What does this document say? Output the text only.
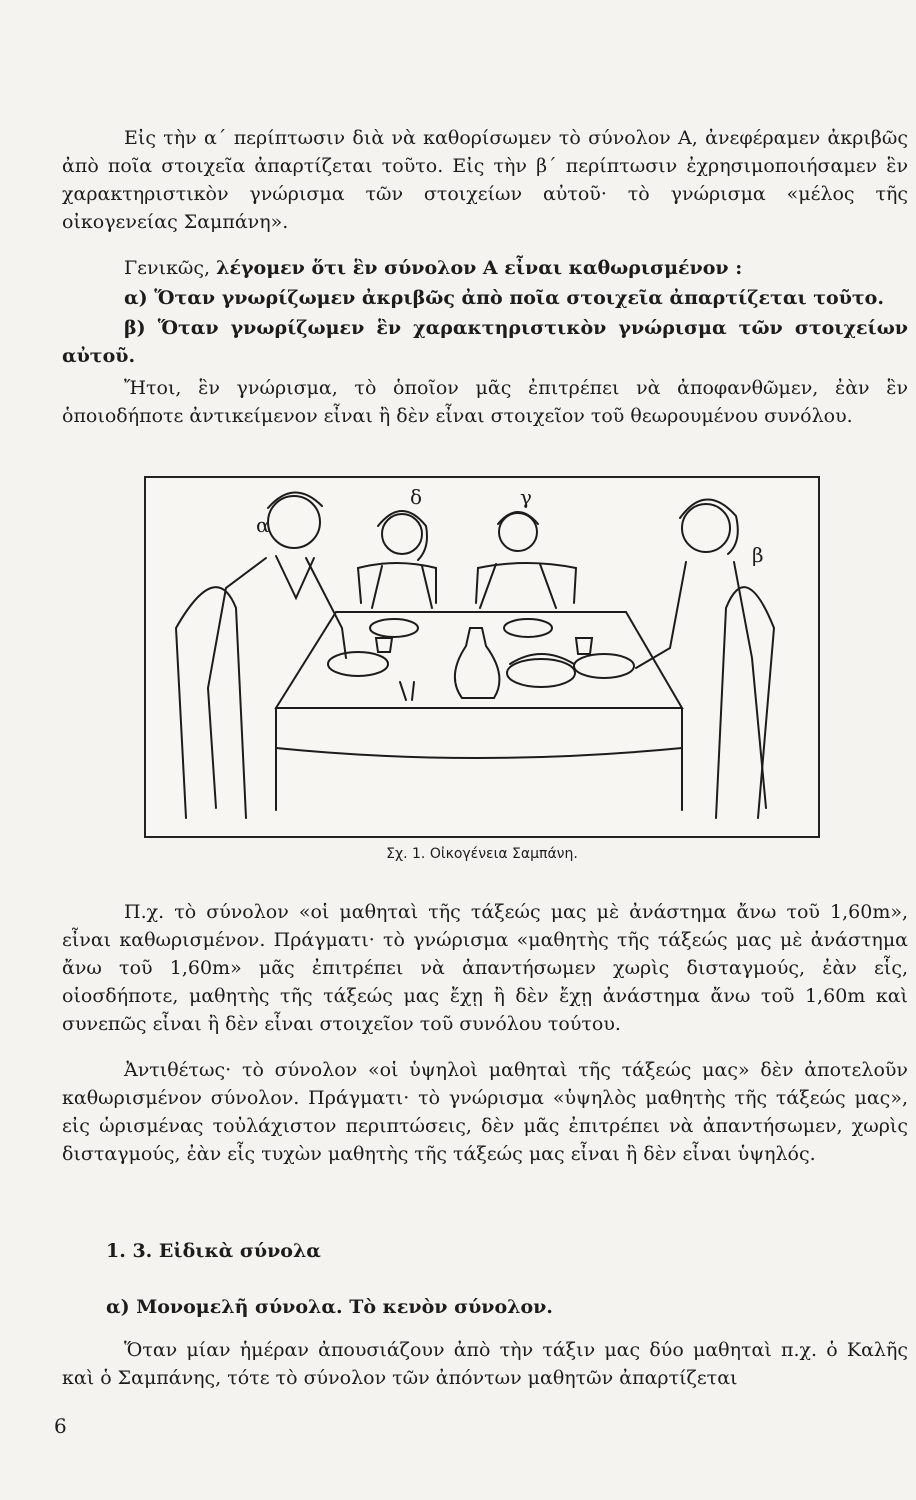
Εἰς τὴν α΄ περίπτωσιν διὰ νὰ καθορίσωμεν τὸ σύνολον Α, ἀνεφέραμεν ἀκριβῶς ἀπὸ ποῖα στοιχεῖα ἀπαρτίζεται τοῦτο. Εἰς τὴν β΄ περίπτωσιν ἐχρησιμοποιήσαμεν ἓν χαρακτηριστικὸν γνώρισμα τῶν στοιχείων αὐτοῦ· τὸ γνώρισμα «μέλος τῆς οἰκογενείας Σαμπάνη».

Γενικῶς, λέγομεν ὅτι ἓν σύνολον Α εἶναι καθωρισμένον :

α) Ὅταν γνωρίζωμεν ἀκριβῶς ἀπὸ ποῖα στοιχεῖα ἀπαρτίζεται τοῦτο.

β) Ὅταν γνωρίζωμεν ἓν χαρακτηριστικὸν γνώρισμα τῶν στοιχείων αὐτοῦ.

Ἤτοι, ἓν γνώρισμα, τὸ ὁποῖον μᾶς ἐπιτρέπει νὰ ἀποφανθῶμεν, ἐὰν ἓν ὁποιοδήποτε ἀντικείμενον εἶναι ἢ δὲν εἶναι στοιχεῖον τοῦ θεωρουμένου συνόλου.

α
δ	γ
β
Σχ. 1. Οἰκογένεια Σαμπάνη.

Π.χ. τὸ σύνολον «οἱ μαθηταὶ τῆς τάξεώς μας μὲ ἀνάστημα ἄνω τοῦ 1,60m», εἶναι καθωρισμένον. Πράγματι· τὸ γνώρισμα «μαθητὴς τῆς τάξεώς μας μὲ ἀνάστημα ἄνω τοῦ 1,60m» μᾶς ἐπιτρέπει νὰ ἀπαντήσωμεν χωρὶς δισταγμούς, ἐὰν εἷς, οἱοσδήποτε, μαθητὴς τῆς τάξεώς μας ἔχῃ ἢ δὲν ἔχῃ ἀνάστημα ἄνω τοῦ 1,60m καὶ συνεπῶς εἶναι ἢ δὲν εἶναι στοιχεῖον τοῦ συνόλου τούτου.

Ἀντιθέτως· τὸ σύνολον «οἱ ὑψηλοὶ μαθηταὶ τῆς τάξεώς μας» δὲν ἀποτελοῦν καθωρισμένον σύνολον. Πράγματι· τὸ γνώρισμα «ὑψηλὸς μαθητὴς τῆς τάξεώς μας», εἰς ὡρισμένας τοὐλάχιστον περιπτώσεις, δὲν μᾶς ἐπιτρέπει νὰ ἀπαντήσωμεν, χωρὶς δισταγμούς, ἐὰν εἷς τυχὼν μαθητὴς τῆς τάξεώς μας εἶναι ἢ δὲν εἶναι ὑψηλός.

1. 3. Εἰδικὰ σύνολα
α) Μονομελῆ σύνολα. Τὸ κενὸν σύνολον.

Ὅταν μίαν ἡμέραν ἀπουσιάζουν ἀπὸ τὴν τάξιν μας δύο μαθηταὶ π.χ. ὁ Καλῆς καὶ ὁ Σαμπάνης, τότε τὸ σύνολον τῶν ἀπόντων μαθητῶν ἀπαρτίζεται

6
